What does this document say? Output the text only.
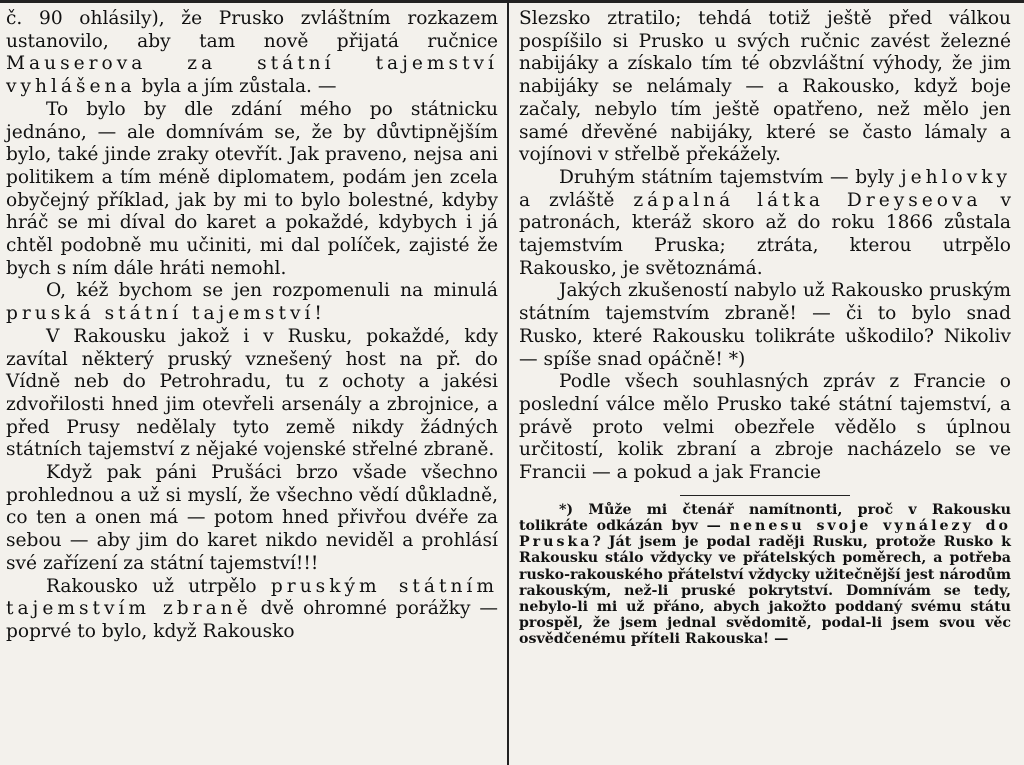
č. 90 ohlásily), že Prusko zvláštním rozkazem ustanovilo, aby tam nově přijatá ručnice Mauserova za státní tajemství vyhlášena byla a jím zůstala. —

To bylo by dle zdání mého po státnicku jednáno, — ale domnívám se, že by důvtipnějším bylo, také jinde zraky otevřít. Jak praveno, nejsa ani politikem a tím méně diplomatem, podám jen zcela obyčejný příklad, jak by mi to bylo bolestné, kdyby hráč se mi díval do karet a pokaždé, kdybych i já chtěl podobně mu učiniti, mi dal políček, zajisté že bych s ním dále hráti nemohl.

O, kéž bychom se jen rozpomenuli na minulá pruská státní tajemství!

V Rakousku jakož i v Rusku, pokaždé, kdy zavítal některý pruský vznešený host na př. do Vídně neb do Petrohradu, tu z ochoty a jakési zdvořilosti hned jim otevřeli arsenály a zbrojnice, a před Prusy nedělaly tyto země nikdy žádných státních tajemství z nějaké vojenské střelné zbraně.

Když pak páni Prušáci brzo všade všechno prohlednou a už si myslí, že všechno vědí důkladně, co ten a onen má — potom hned přivřou dvéře za sebou — aby jim do karet nikdo neviděl a prohlásí své zařízení za státní tajemství!!!

Rakousko už utrpělo pruským státním tajemstvím zbraně dvě ohromné porážky — poprvé to bylo, když Rakousko

Slezsko ztratilo; tehdá totiž ještě před válkou pospíšilo si Prusko u svých ručnic zavést železné nabijáky a získalo tím té obzvláštní výhody, že jim nabijáky se nelámaly — a Rakousko, když boje začaly, nebylo tím ještě opatřeno, než mělo jen samé dřevěné nabijáky, které se často lámaly a vojínovi v střelbě překážely.

Druhým státním tajemstvím — byly jehlovky a zvláště zápalná látka Dreyseova v patronách, kteráž skoro až do roku 1866 zůstala tajemstvím Pruska; ztráta, kterou utrpělo Rakousko, je světoznámá.

Jakých zkušeností nabylo už Rakousko pruským státním tajemstvím zbraně! — či to bylo snad Rusko, které Rakousku tolikráte uškodilo? Nikoliv — spíše snad opáčně! *)

Podle všech souhlasných zpráv z Francie o poslední válce mělo Prusko také státní tajemství, a právě proto velmi obezřele vědělo s úplnou určitostí, kolik zbraní a zbroje nacházelo se ve Francii — a pokud a jak Francie

*) Může mi čtenář namítnonti, proč v Rakousku tolikráte odkázán byv — nenesu svoje vynálezy do Pruska? Ját jsem je podal raději Rusku, protože Rusko k Rakousku stálo vždycky ve přátelských poměrech, a potřeba rusko-rakouského přátelství vždycky užitečnější jest národům rakouským, než-li pruské pokrytství. Domnívám se tedy, nebylo-li mi už přáno, abych jakožto poddaný svému státu prospěl, že jsem jednal svědomitě, podal-li jsem svou věc osvědčenému příteli Rakouska! —
